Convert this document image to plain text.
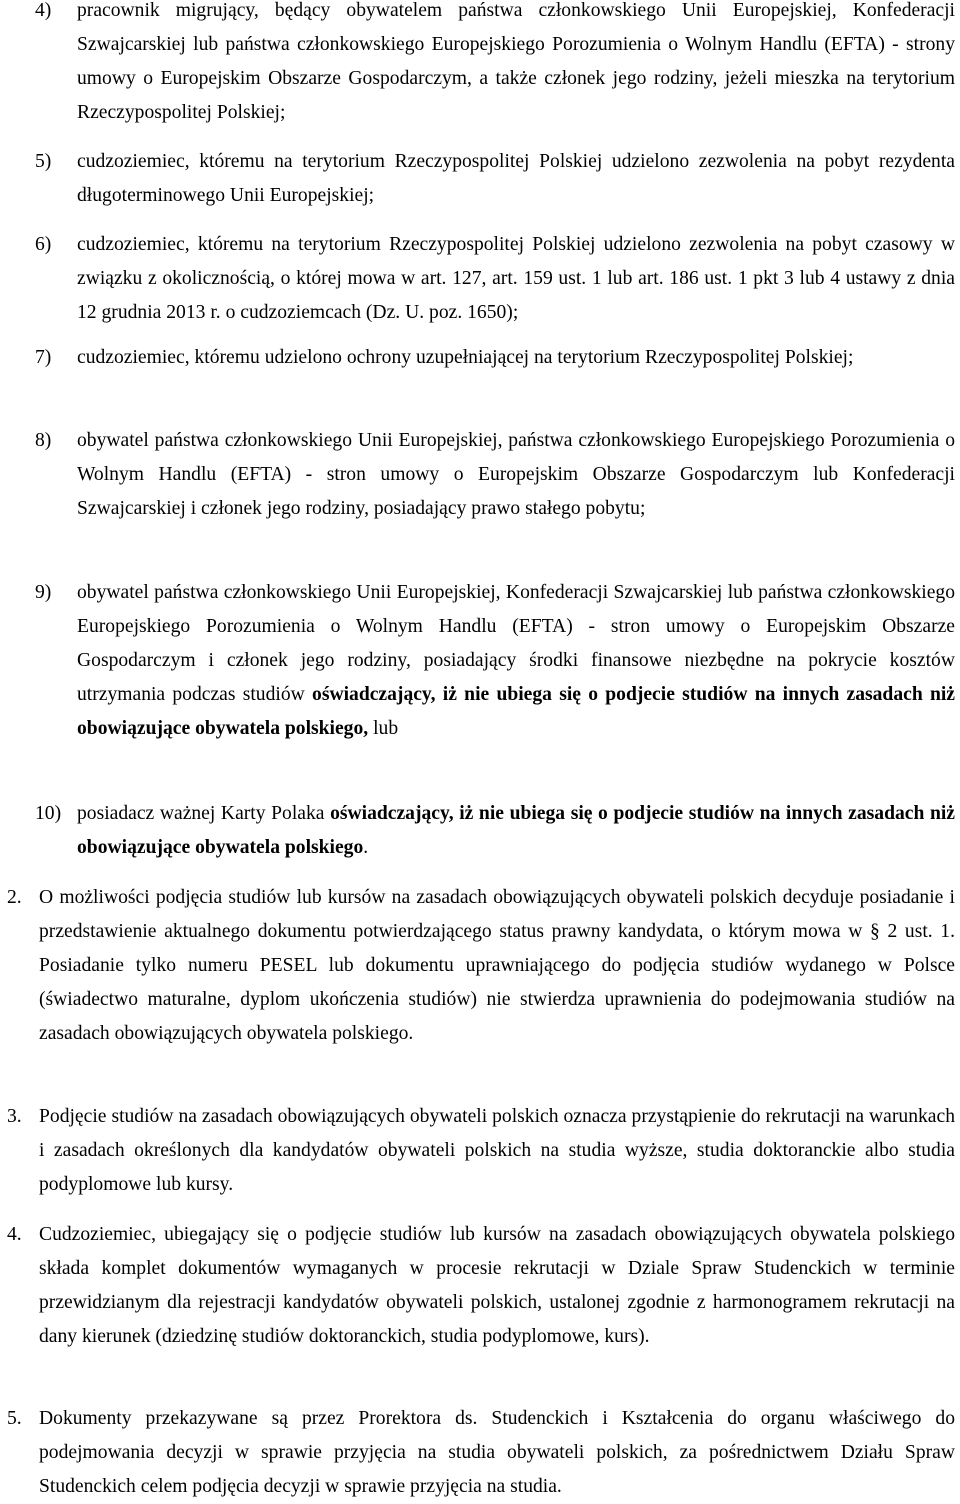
4) pracownik migrujący, będący obywatelem państwa członkowskiego Unii Europejskiej, Konfederacji Szwajcarskiej lub państwa członkowskiego Europejskiego Porozumienia o Wolnym Handlu (EFTA) - strony umowy o Europejskim Obszarze Gospodarczym, a także członek jego rodziny, jeżeli mieszka na terytorium Rzeczypospolitej Polskiej;
5) cudzoziemiec, któremu na terytorium Rzeczypospolitej Polskiej udzielono zezwolenia na pobyt rezydenta długoterminowego Unii Europejskiej;
6) cudzoziemiec, któremu na terytorium Rzeczypospolitej Polskiej udzielono zezwolenia na pobyt czasowy w związku z okolicznością, o której mowa w art. 127, art. 159 ust. 1 lub art. 186 ust. 1 pkt 3 lub 4 ustawy z dnia 12 grudnia 2013 r. o cudzoziemcach (Dz. U. poz. 1650);
7) cudzoziemiec, któremu udzielono ochrony uzupełniającej na terytorium Rzeczypospolitej Polskiej;
8) obywatel państwa członkowskiego Unii Europejskiej, państwa członkowskiego Europejskiego Porozumienia o Wolnym Handlu (EFTA) - stron umowy o Europejskim Obszarze Gospodarczym lub Konfederacji Szwajcarskiej i członek jego rodziny, posiadający prawo stałego pobytu;
9) obywatel państwa członkowskiego Unii Europejskiej, Konfederacji Szwajcarskiej lub państwa członkowskiego Europejskiego Porozumienia o Wolnym Handlu (EFTA) - stron umowy o Europejskim Obszarze Gospodarczym i członek jego rodziny, posiadający środki finansowe niezbędne na pokrycie kosztów utrzymania podczas studiów oświadczający, iż nie ubiega się o podjecie studiów na innych zasadach niż obowiązujące obywatela polskiego, lub
10) posiadacz ważnej Karty Polaka oświadczający, iż nie ubiega się o podjecie studiów na innych zasadach niż obowiązujące obywatela polskiego.
2. O możliwości podjęcia studiów lub kursów na zasadach obowiązujących obywateli polskich decyduje posiadanie i przedstawienie aktualnego dokumentu potwierdzającego status prawny kandydata, o którym mowa w § 2 ust. 1. Posiadanie tylko numeru PESEL lub dokumentu uprawniającego do podjęcia studiów wydanego w Polsce (świadectwo maturalne, dyplom ukończenia studiów) nie stwierdza uprawnienia do podejmowania studiów na zasadach obowiązujących obywatela polskiego.
3. Podjęcie studiów na zasadach obowiązujących obywateli polskich oznacza przystąpienie do rekrutacji na warunkach i zasadach określonych dla kandydatów obywateli polskich na studia wyższe, studia doktoranckie albo studia podyplomowe lub kursy.
4. Cudzoziemiec, ubiegający się o podjęcie studiów lub kursów na zasadach obowiązujących obywatela polskiego składa komplet dokumentów wymaganych w procesie rekrutacji w Dziale Spraw Studenckich w terminie przewidzianym dla rejestracji kandydatów obywateli polskich, ustalonej zgodnie z harmonogramem rekrutacji na dany kierunek (dziedzinę studiów doktoranckich, studia podyplomowe, kurs).
5. Dokumenty przekazywane są przez Prorektora ds. Studenckich i Kształcenia do organu właściwego do podejmowania decyzji w sprawie przyjęcia na studia obywateli polskich, za pośrednictwem Działu Spraw Studenckich celem podjęcia decyzji w sprawie przyjęcia na studia.
